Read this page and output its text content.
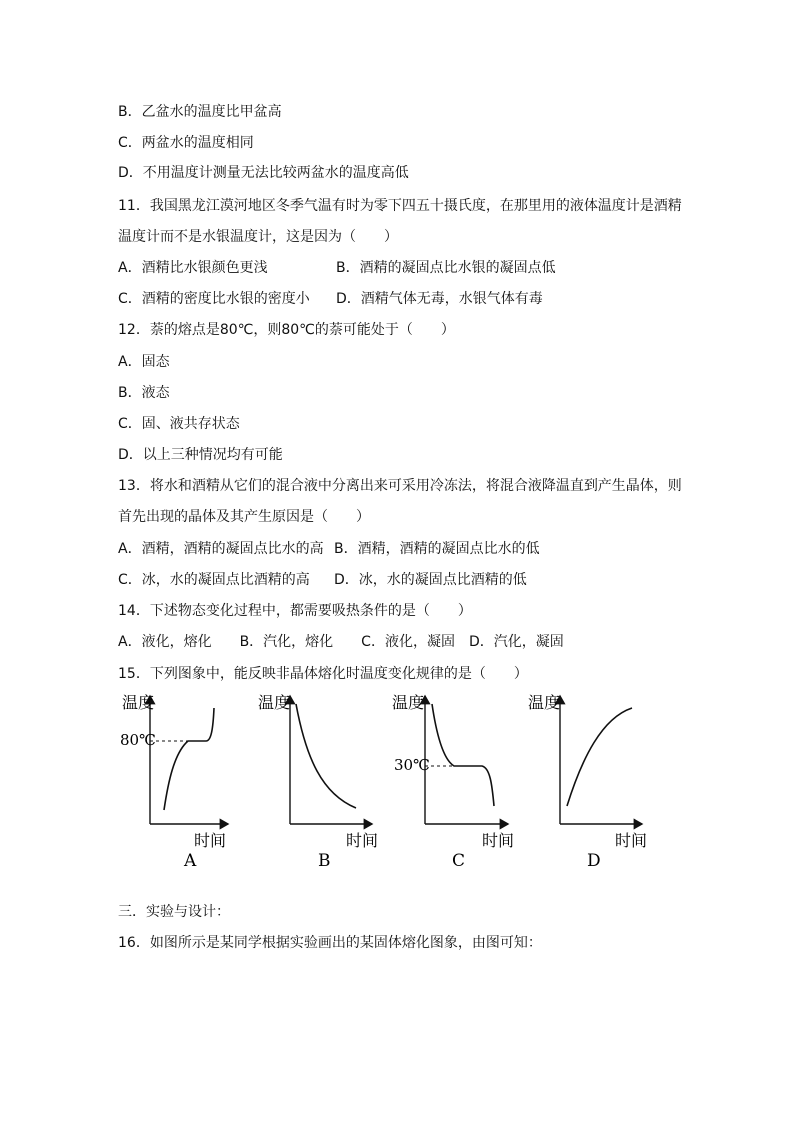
B．乙盆水的温度比甲盆高
C．两盆水的温度相同
D．不用温度计测量无法比较两盆水的温度高低
11．我国黑龙江漠河地区冬季气温有时为零下四五十摄氏度，在那里用的液体温度计是酒精
温度计而不是水银温度计，这是因为（　　）
A．酒精比水银颜色更浅	B．酒精的凝固点比水银的凝固点低
C．酒精的密度比水银的密度小 D．酒精气体无毒，水银气体有毒
12．萘的熔点是80℃，则80℃的萘可能处于（　　）
A．固态
B．液态
C．固、液共存状态
D．以上三种情况均有可能
13．将水和酒精从它们的混合液中分离出来可采用冷冻法，将混合液降温直到产生晶体，则
首先出现的晶体及其产生原因是（　　）
A．酒精，酒精的凝固点比水的高 B．酒精，酒精的凝固点比水的低
C．冰，水的凝固点比酒精的高 D．冰，水的凝固点比酒精的低
14．下述物态变化过程中，都需要吸热条件的是（　　）
A．液化，熔化　　B．汽化，熔化　　C．液化，凝固　D．汽化，凝固
15．下列图象中，能反映非晶体熔化时温度变化规律的是（　　）
温度
时间
80℃
A
温度
时间
B
温度
时间
30℃
C
温度
时间
D
三．实验与设计：
16．如图所示是某同学根据实验画出的某固体熔化图象，由图可知：
